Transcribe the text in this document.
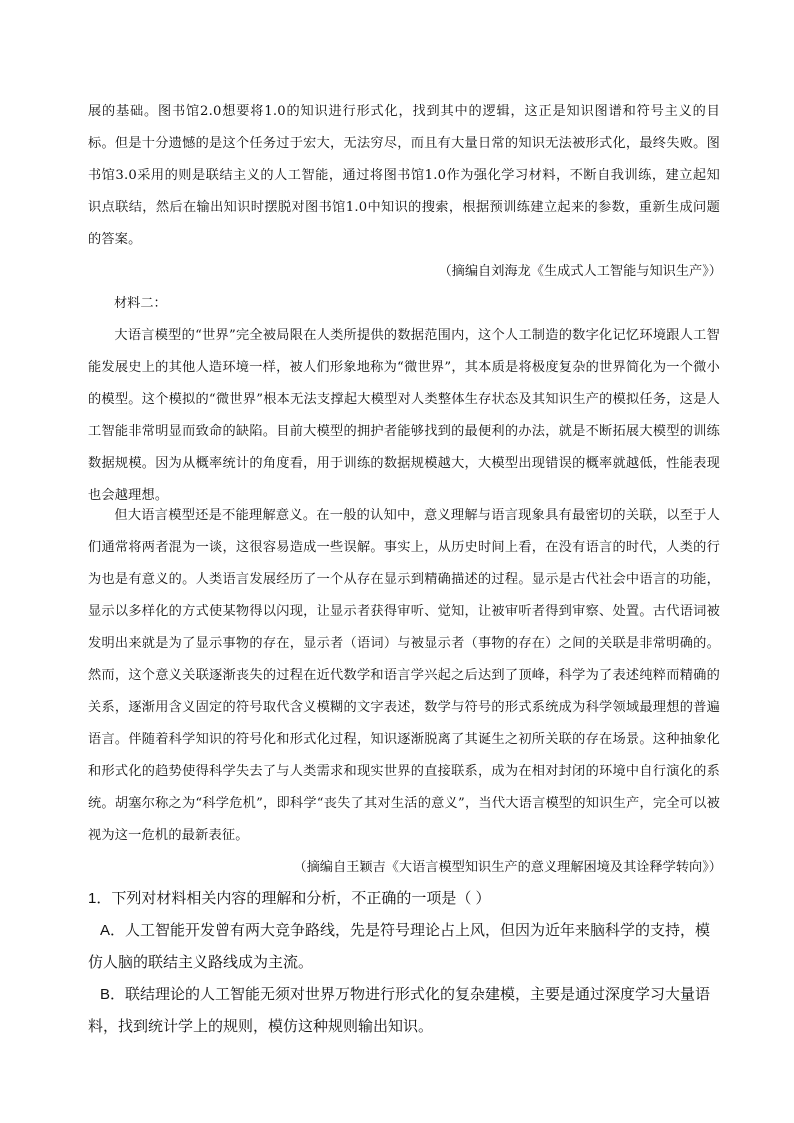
展的基础。图书馆2.0想要将1.0的知识进行形式化，找到其中的逻辑，这正是知识图谱和符号主义的目标。但是十分遗憾的是这个任务过于宏大，无法穷尽，而且有大量日常的知识无法被形式化，最终失败。图书馆3.0采用的则是联结主义的人工智能，通过将图书馆1.0作为强化学习材料，不断自我训练，建立起知识点联结，然后在输出知识时摆脱对图书馆1.0中知识的搜索，根据预训练建立起来的参数，重新生成问题的答案。

（摘编自刘海龙《生成式人工智能与知识生产》）

材料二：

大语言模型的“世界”完全被局限在人类所提供的数据范围内，这个人工制造的数字化记忆环境跟人工智能发展史上的其他人造环境一样，被人们形象地称为“微世界”，其本质是将极度复杂的世界简化为一个微小的模型。这个模拟的“微世界”根本无法支撑起大模型对人类整体生存状态及其知识生产的模拟任务，这是人工智能非常明显而致命的缺陷。目前大模型的拥护者能够找到的最便利的办法，就是不断拓展大模型的训练数据规模。因为从概率统计的角度看，用于训练的数据规模越大，大模型出现错误的概率就越低，性能表现也会越理想。

但大语言模型还是不能理解意义。在一般的认知中，意义理解与语言现象具有最密切的关联，以至于人们通常将两者混为一谈，这很容易造成一些误解。事实上，从历史时间上看，在没有语言的时代，人类的行为也是有意义的。人类语言发展经历了一个从存在显示到精确描述的过程。显示是古代社会中语言的功能，显示以多样化的方式使某物得以闪现，让显示者获得审听、觉知，让被审听者得到审察、处置。古代语词被发明出来就是为了显示事物的存在，显示者（语词）与被显示者（事物的存在）之间的关联是非常明确的。然而，这个意义关联逐渐丧失的过程在近代数学和语言学兴起之后达到了顶峰，科学为了表述纯粹而精确的关系，逐渐用含义固定的符号取代含义模糊的文字表述，数学与符号的形式系统成为科学领域最理想的普遍语言。伴随着科学知识的符号化和形式化过程，知识逐渐脱离了其诞生之初所关联的存在场景。这种抽象化和形式化的趋势使得科学失去了与人类需求和现实世界的直接联系，成为在相对封闭的环境中自行演化的系统。胡塞尔称之为“科学危机”，即科学“丧失了其对生活的意义”，当代大语言模型的知识生产，完全可以被视为这一危机的最新表征。

（摘编自王颖吉《大语言模型知识生产的意义理解困境及其诠释学转向》）

1．下列对材料相关内容的理解和分析，不正确的一项是（ ）

A．人工智能开发曾有两大竞争路线，先是符号理论占上风，但因为近年来脑科学的支持，模仿人脑的联结主义路线成为主流。

B．联结理论的人工智能无须对世界万物进行形式化的复杂建模，主要是通过深度学习大量语料，找到统计学上的规则，模仿这种规则输出知识。
